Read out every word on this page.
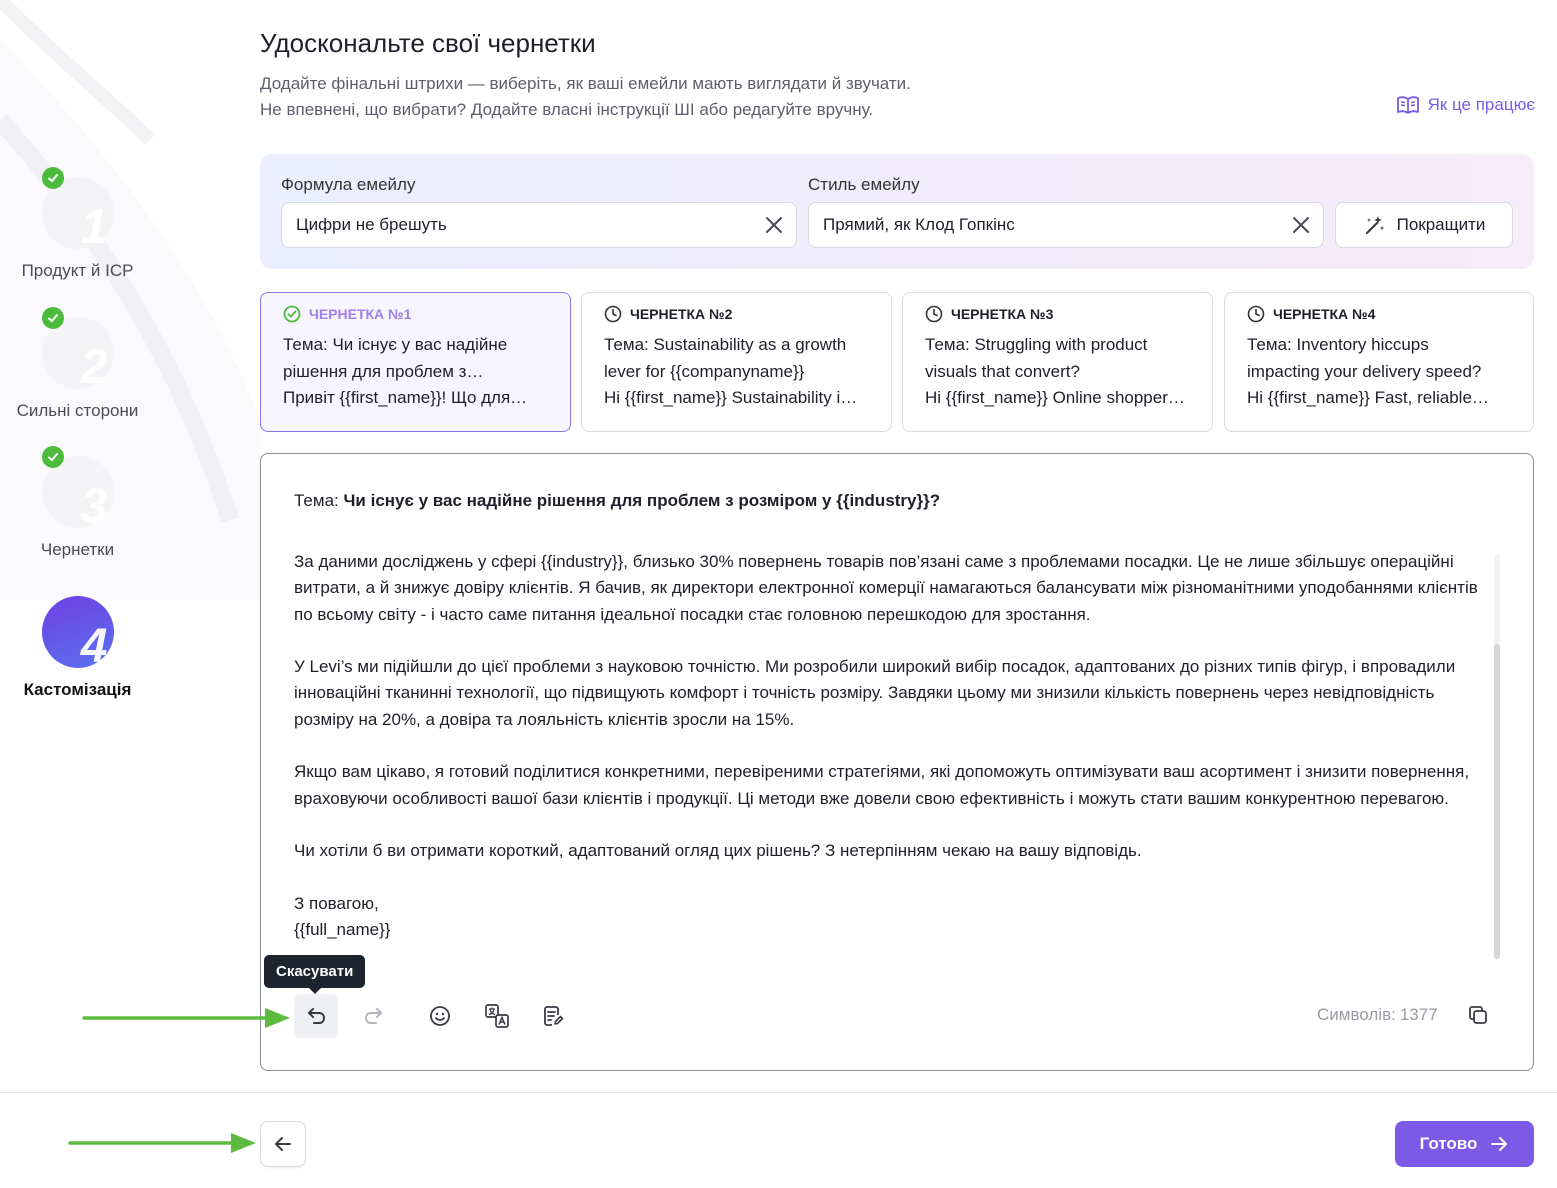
1
Продукт й ICP
2
Сильні сторони
3
Чернетки
4
Кастомізація
Удоскональте свої чернетки
Додайте фінальні штрихи — виберіть, як ваші емейли мають виглядати й звучати.
Не впевнені, що вибрати? Додайте власні інструкції ШІ або редагуйте вручну.	Як це працює
Формула емейлу
Цифри не брешуть
Стиль емейлу
Прямий, як Клод Гопкінс	Покращити
ЧЕРНЕТКА №1
Тема: Чи існує у вас надійне
рішення для проблем з…
Привіт {{first_name}}! Що для…
ЧЕРНЕТКА №2
Тема: Sustainability as a growth
lever for {{companyname}}
Hi {{first_name}} Sustainability i…
ЧЕРНЕТКА №3
Тема: Struggling with product
visuals that convert?
Hi {{first_name}} Online shopper…
ЧЕРНЕТКА №4
Тема: Inventory hiccups
impacting your delivery speed?
Hi {{first_name}} Fast, reliable…
Тема: Чи існує у вас надійне рішення для проблем з розміром у {{industry}}?

За даними досліджень у сфері {{industry}}, близько 30% повернень товарів пов’язані саме з проблемами посадки. Це не лише збільшує операційні витрати, а й знижує довіру клієнтів. Я бачив, як директори електронної комерції намагаються балансувати між різноманітними уподобаннями клієнтів по всьому світу - і часто саме питання ідеальної посадки стає головною перешкодою для зростання.

У Levi’s ми підійшли до цієї проблеми з науковою точністю. Ми розробили широкий вибір посадок, адаптованих до різних типів фігур, і впровадили інноваційні тканинні технології, що підвищують комфорт і точність розміру. Завдяки цьому ми знизили кількість повернень через невідповідність розміру на 20%, а довіра та лояльність клієнтів зросли на 15%.

Якщо вам цікаво, я готовий поділитися конкретними, перевіреними стратегіями, які допоможуть оптимізувати ваш асортимент і знизити повернення, враховуючи особливості вашої бази клієнтів і продукції. Ці методи вже довели свою ефективність і можуть стати вашим конкурентною перевагою.

Чи хотіли б ви отримати короткий, адаптований огляд цих рішень? З нетерпінням чекаю на вашу відповідь.

З повагою,

{{full_name}}

Символів: 1377
Скасувати
Готово
